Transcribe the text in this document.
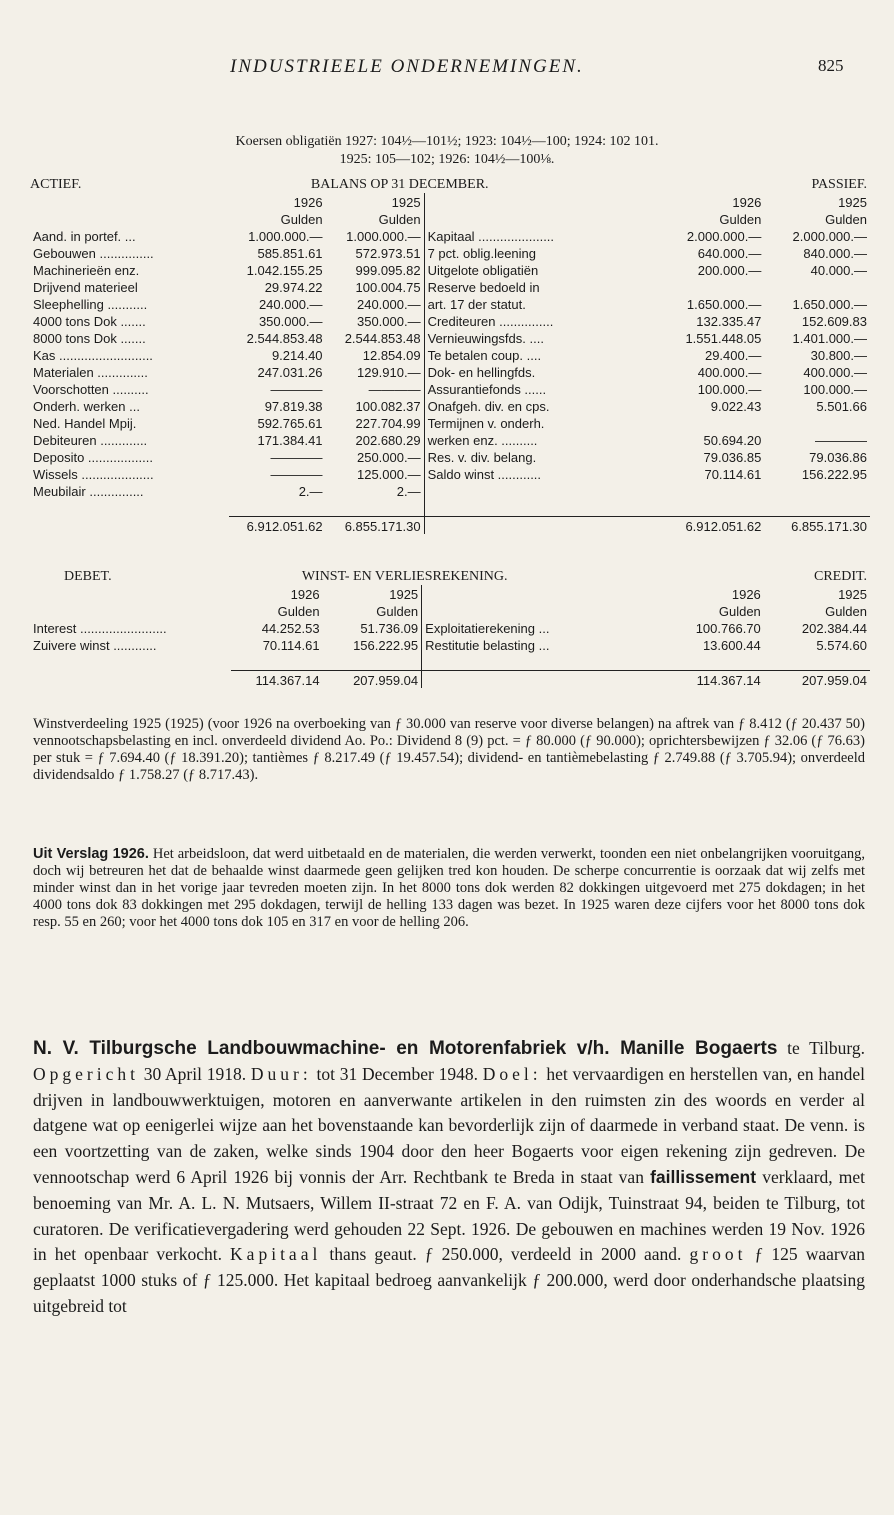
INDUSTRIEELE ONDERNEMINGEN.	825
Koersen obligatiën 1927: 104½—101½; 1923: 104½—100; 1924: 102 101.
1925: 105—102; 1926: 104½—100⅛.
ACTIEF.	BALANS OP 31 DECEMBER.				PASSIEF.
	1926	1925		1926	1925
	Gulden	Gulden		Gulden	Gulden
Aand. in portef. ...	1.000.000.—	1.000.000.—	Kapitaal .....................	2.000.000.—	2.000.000.—
Gebouwen ...............	585.851.61	572.973.51	7 pct. oblig.leening	640.000.—	840.000.—
Machinerieën enz.	1.042.155.25	999.095.82	Uitgelote obligatiën	200.000.—	40.000.—
Drijvend materieel	29.974.22	100.004.75	Reserve bedoeld in		
Sleephelling ...........	240.000.—	240.000.—	art. 17 der statut.	1.650.000.—	1.650.000.—
4000 tons Dok .......	350.000.—	350.000.—	Crediteuren ...............	132.335.47	152.609.83
8000 tons Dok .......	2.544.853.48	2.544.853.48	Vernieuwingsfds. ....	1.551.448.05	1.401.000.—
Kas ..........................	9.214.40	12.854.09	Te betalen coup. ....	29.400.—	30.800.—
Materialen ..............	247.031.26	129.910.—	Dok- en hellingfds.	400.000.—	400.000.—
Voorschotten ..........	————	————	Assurantiefonds ......	100.000.—	100.000.—
Onderh. werken ...	97.819.38	100.082.37	Onafgeh. div. en cps.	9.022.43	5.501.66
Ned. Handel Mpij.	592.765.61	227.704.99	Termijnen v. onderh.		
Debiteuren .............	171.384.41	202.680.29	werken enz. ..........	50.694.20	————
Deposito ..................	————	250.000.—	Res. v. div. belang.	79.036.85	79.036.86
Wissels ....................	————	125.000.—	Saldo winst ............	70.114.61	156.222.95
Meubilair ...............	2.—	2.—			

	6.912.051.62	6.855.171.30		6.912.051.62	6.855.171.30
DEBET.	WINST- EN VERLIESREKENING.				CREDIT.
	1926	1925		1926	1925
	Gulden	Gulden		Gulden	Gulden
Interest ........................	44.252.53	51.736.09	Exploitatierekening ...	100.766.70	202.384.44
Zuivere winst ............	70.114.61	156.222.95	Restitutie belasting ...	13.600.44	5.574.60

	114.367.14	207.959.04		114.367.14	207.959.04

Winstverdeeling 1925 (1925) (voor 1926 na overboeking van ƒ 30.000 van reserve voor diverse belangen) na aftrek van ƒ 8.412 (ƒ 20.437 50) vennootschapsbelasting en incl. onverdeeld dividend Ao. Po.: Dividend 8 (9) pct. = ƒ 80.000 (ƒ 90.000); oprichtersbewijzen ƒ 32.06 (ƒ 76.63) per stuk = ƒ 7.694.40 (ƒ 18.391.20); tantièmes ƒ 8.217.49 (ƒ 19.457.54); dividend- en tantièmebelasting ƒ 2.749.88 (ƒ 3.705.94); onverdeeld dividendsaldo ƒ 1.758.27 (ƒ 8.717.43).

Uit Verslag 1926. Het arbeidsloon, dat werd uitbetaald en de materialen, die werden verwerkt, toonden een niet onbelangrijken vooruitgang, doch wij betreuren het dat de behaalde winst daarmede geen gelijken tred kon houden. De scherpe concurrentie is oorzaak dat wij zelfs met minder winst dan in het vorige jaar tevreden moeten zijn. In het 8000 tons dok werden 82 dokkingen uitgevoerd met 275 dokdagen; in het 4000 tons dok 83 dokkingen met 295 dokdagen, terwijl de helling 133 dagen was bezet. In 1925 waren deze cijfers voor het 8000 tons dok resp. 55 en 260; voor het 4000 tons dok 105 en 317 en voor de helling 206.

N. V. Tilburgsche Landbouwmachine- en Motorenfabriek v/h. Manille Bogaerts te Tilburg. Opgericht 30 April 1918. Duur: tot 31 December 1948. Doel: het vervaardigen en herstellen van, en handel drijven in landbouwwerktuigen, motoren en aanverwante artikelen in den ruimsten zin des woords en verder al datgene wat op eenigerlei wijze aan het bovenstaande kan bevorderlijk zijn of daarmede in verband staat. De venn. is een voortzetting van de zaken, welke sinds 1904 door den heer Bogaerts voor eigen rekening zijn gedreven. De vennootschap werd 6 April 1926 bij vonnis der Arr. Rechtbank te Breda in staat van faillissement verklaard, met benoeming van Mr. A. L. N. Mutsaers, Willem II-straat 72 en F. A. van Odijk, Tuinstraat 94, beiden te Tilburg, tot curatoren. De verificatievergadering werd gehouden 22 Sept. 1926. De gebouwen en machines werden 19 Nov. 1926 in het openbaar verkocht. Kapitaal thans geaut. ƒ 250.000, verdeeld in 2000 aand. groot ƒ 125 waarvan geplaatst 1000 stuks of ƒ 125.000. Het kapitaal bedroeg aanvankelijk ƒ 200.000, werd door onderhandsche plaatsing uitgebreid tot
